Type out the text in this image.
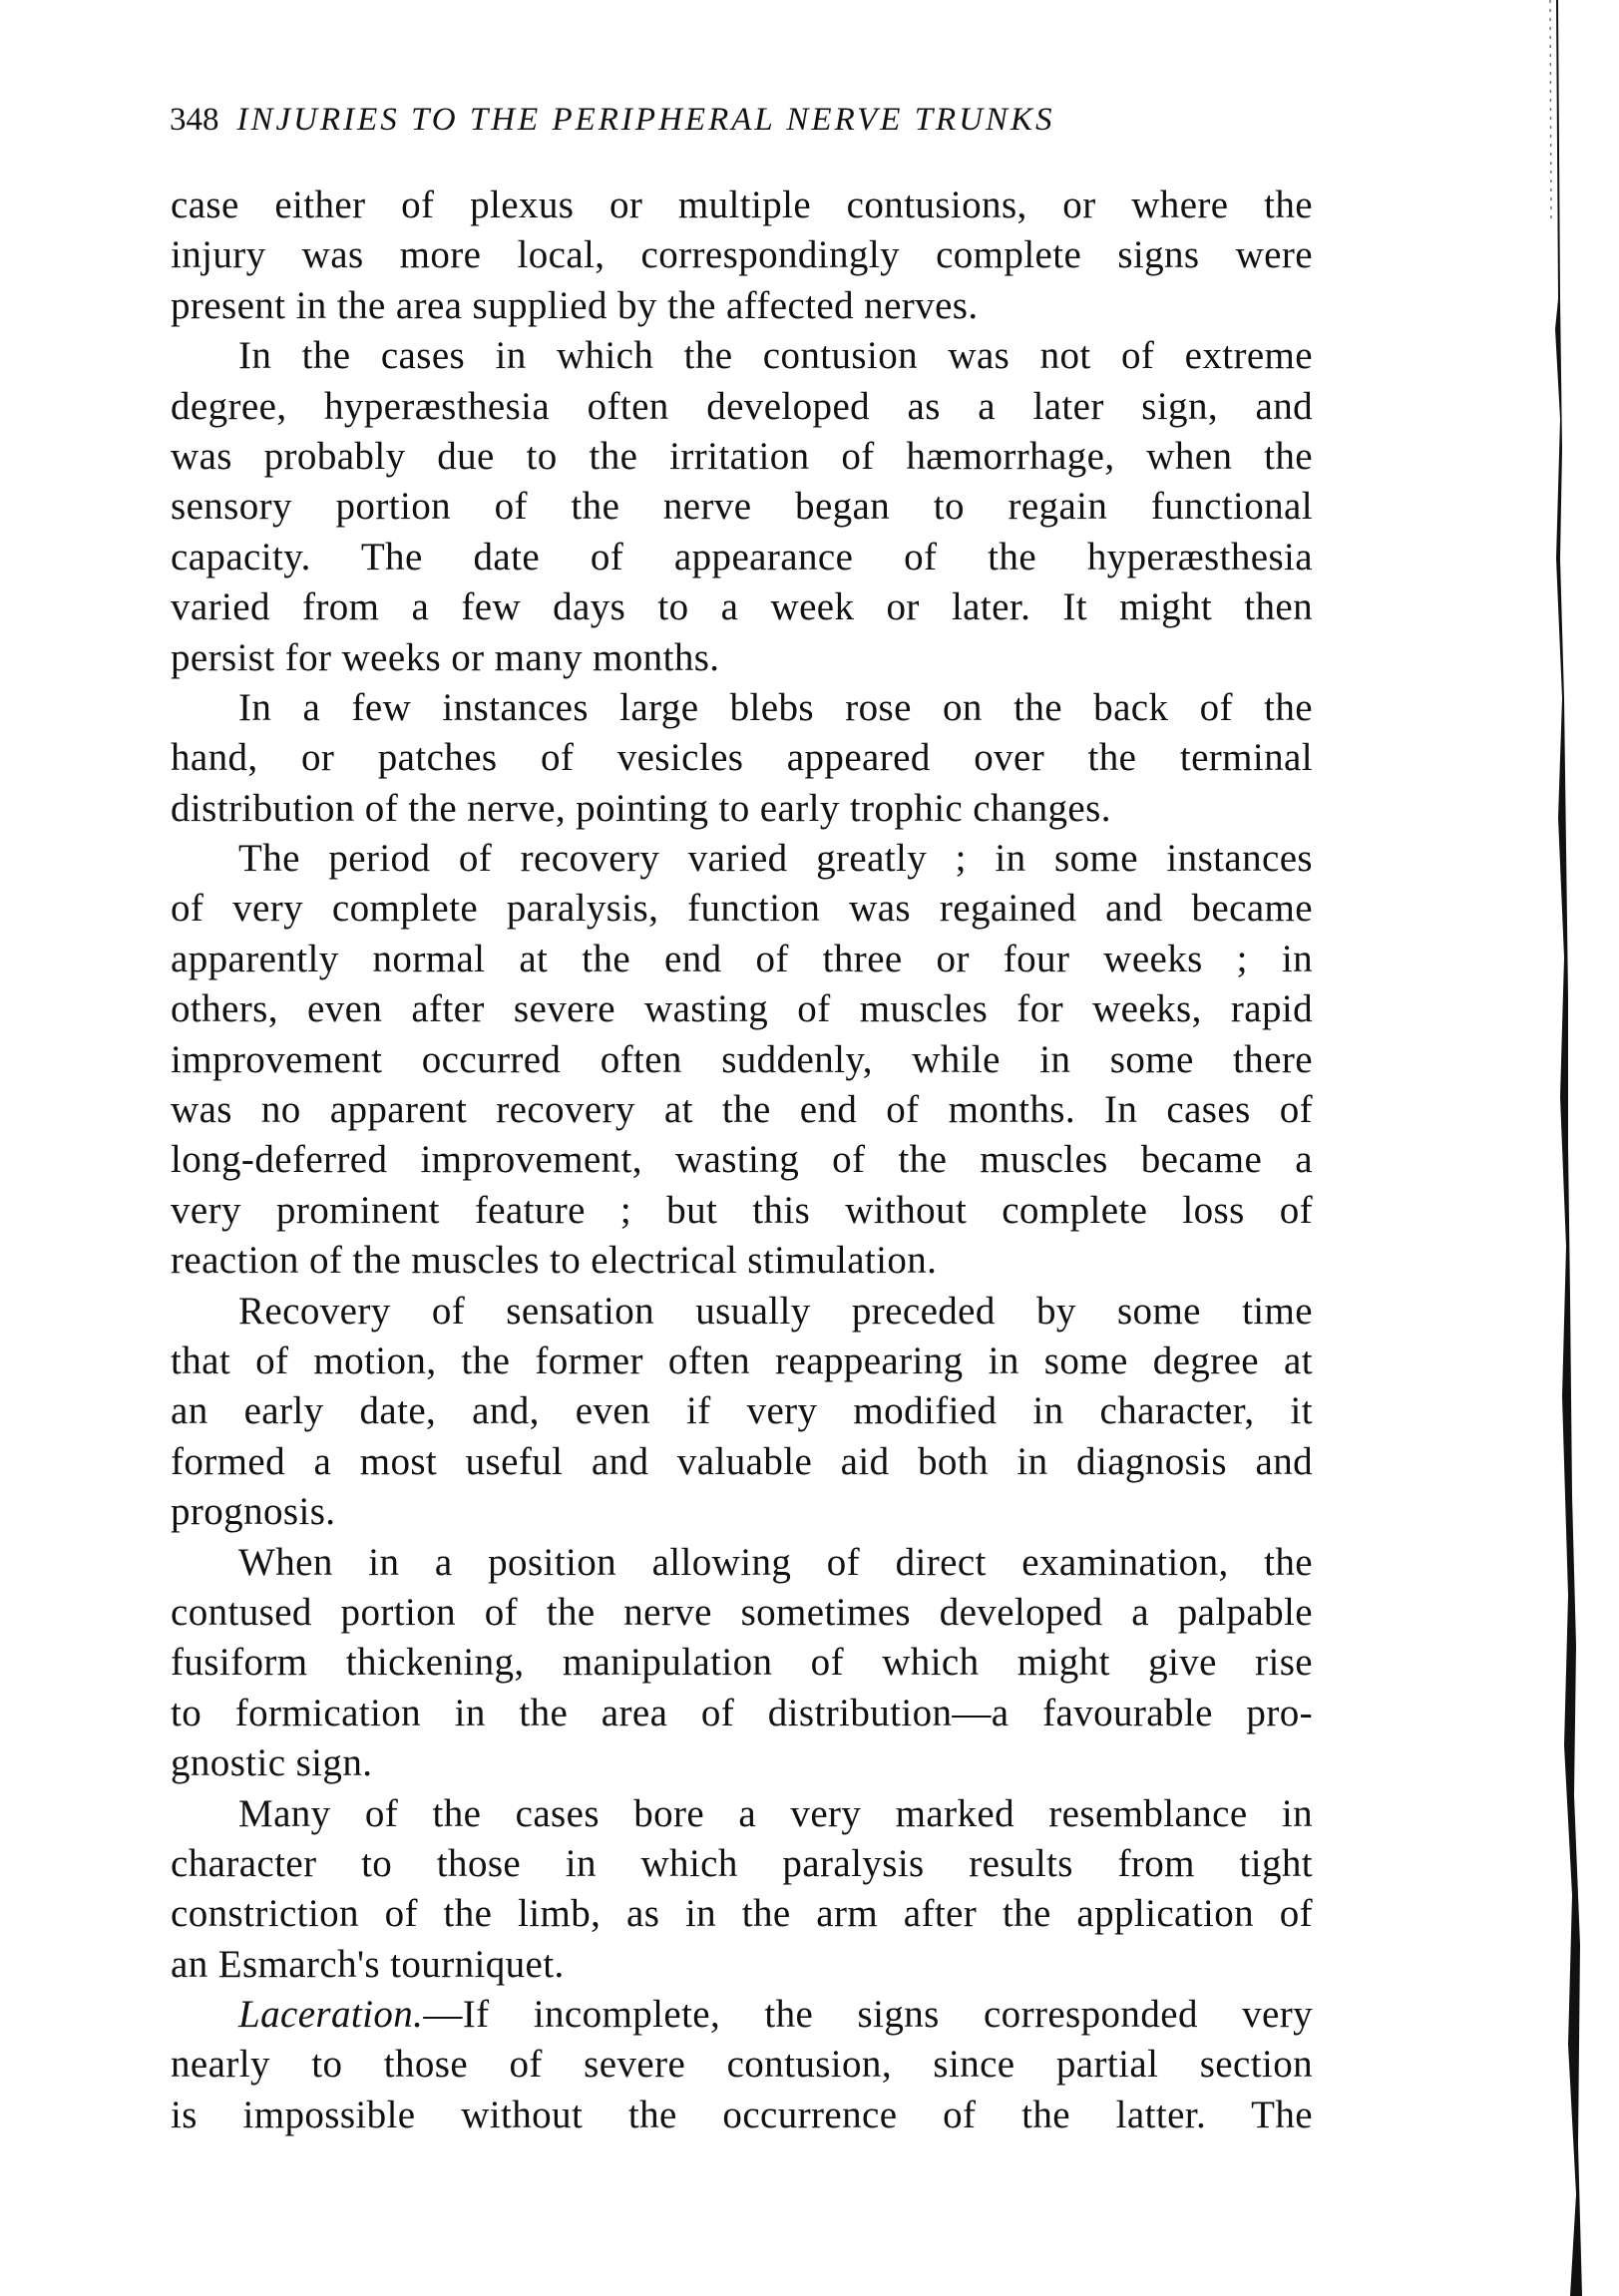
348 INJURIES TO THE PERIPHERAL NERVE TRUNKS
case either of plexus or multiple contusions, or where the
injury was more local, correspondingly complete signs were
present in the area supplied by the affected nerves.
In the cases in which the contusion was not of extreme
degree, hyperæsthesia often developed as a later sign, and
was probably due to the irritation of hæmorrhage, when the
sensory portion of the nerve began to regain functional
capacity. The date of appearance of the hyperæsthesia
varied from a few days to a week or later. It might then
persist for weeks or many months.
In a few instances large blebs rose on the back of the
hand, or patches of vesicles appeared over the terminal
distribution of the nerve, pointing to early trophic changes.
The period of recovery varied greatly ; in some instances
of very complete paralysis, function was regained and became
apparently normal at the end of three or four weeks ; in
others, even after severe wasting of muscles for weeks, rapid
improvement occurred often suddenly, while in some there
was no apparent recovery at the end of months. In cases of
long-deferred improvement, wasting of the muscles became a
very prominent feature ; but this without complete loss of
reaction of the muscles to electrical stimulation.
Recovery of sensation usually preceded by some time
that of motion, the former often reappearing in some degree at
an early date, and, even if very modified in character, it
formed a most useful and valuable aid both in diagnosis and
prognosis.
When in a position allowing of direct examination, the
contused portion of the nerve sometimes developed a palpable
fusiform thickening, manipulation of which might give rise
to formication in the area of distribution—a favourable pro-
gnostic sign.
Many of the cases bore a very marked resemblance in
character to those in which paralysis results from tight
constriction of the limb, as in the arm after the application of
an Esmarch's tourniquet.
Laceration.—If incomplete, the signs corresponded very
nearly to those of severe contusion, since partial section
is impossible without the occurrence of the latter. The
